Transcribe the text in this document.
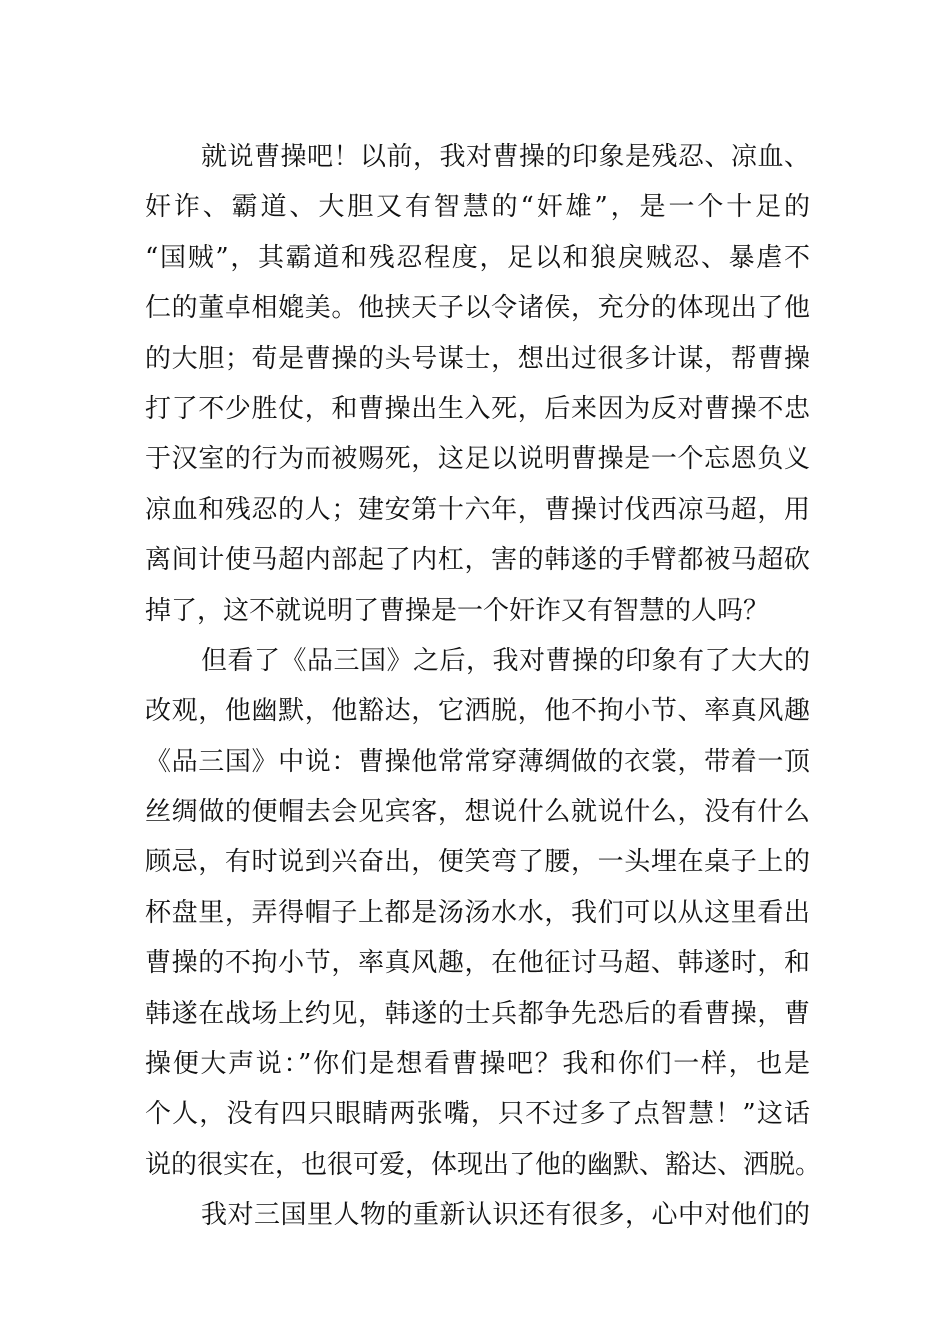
就说曹操吧！以前，我对曹操的印象是残忍、凉血、
奸诈、霸道、大胆又有智慧的“奸雄”，是一个十足的
“国贼”，其霸道和残忍程度，足以和狼戾贼忍、暴虐不
仁的董卓相媲美。他挟天子以令诸侯，充分的体现出了他
的大胆；荀是曹操的头号谋士，想出过很多计谋，帮曹操
打了不少胜仗，和曹操出生入死，后来因为反对曹操不忠
于汉室的行为而被赐死，这足以说明曹操是一个忘恩负义
凉血和残忍的人；建安第十六年，曹操讨伐西凉马超，用
离间计使马超内部起了内杠，害的韩遂的手臂都被马超砍
掉了，这不就说明了曹操是一个奸诈又有智慧的人吗？
但看了《品三国》之后，我对曹操的印象有了大大的
改观，他幽默，他豁达，它洒脱，他不拘小节、率真风趣
《品三国》中说：曹操他常常穿薄绸做的衣裳，带着一顶
丝绸做的便帽去会见宾客，想说什么就说什么，没有什么
顾忌，有时说到兴奋出，便笑弯了腰，一头埋在桌子上的
杯盘里，弄得帽子上都是汤汤水水，我们可以从这里看出
曹操的不拘小节，率真风趣，在他征讨马超、韩遂时，和
韩遂在战场上约见，韩遂的士兵都争先恐后的看曹操，曹
操便大声说：”你们是想看曹操吧？我和你们一样，也是
个人，没有四只眼睛两张嘴，只不过多了点智慧！”这话
说的很实在，也很可爱，体现出了他的幽默、豁达、洒脱。
我对三国里人物的重新认识还有很多，心中对他们的
